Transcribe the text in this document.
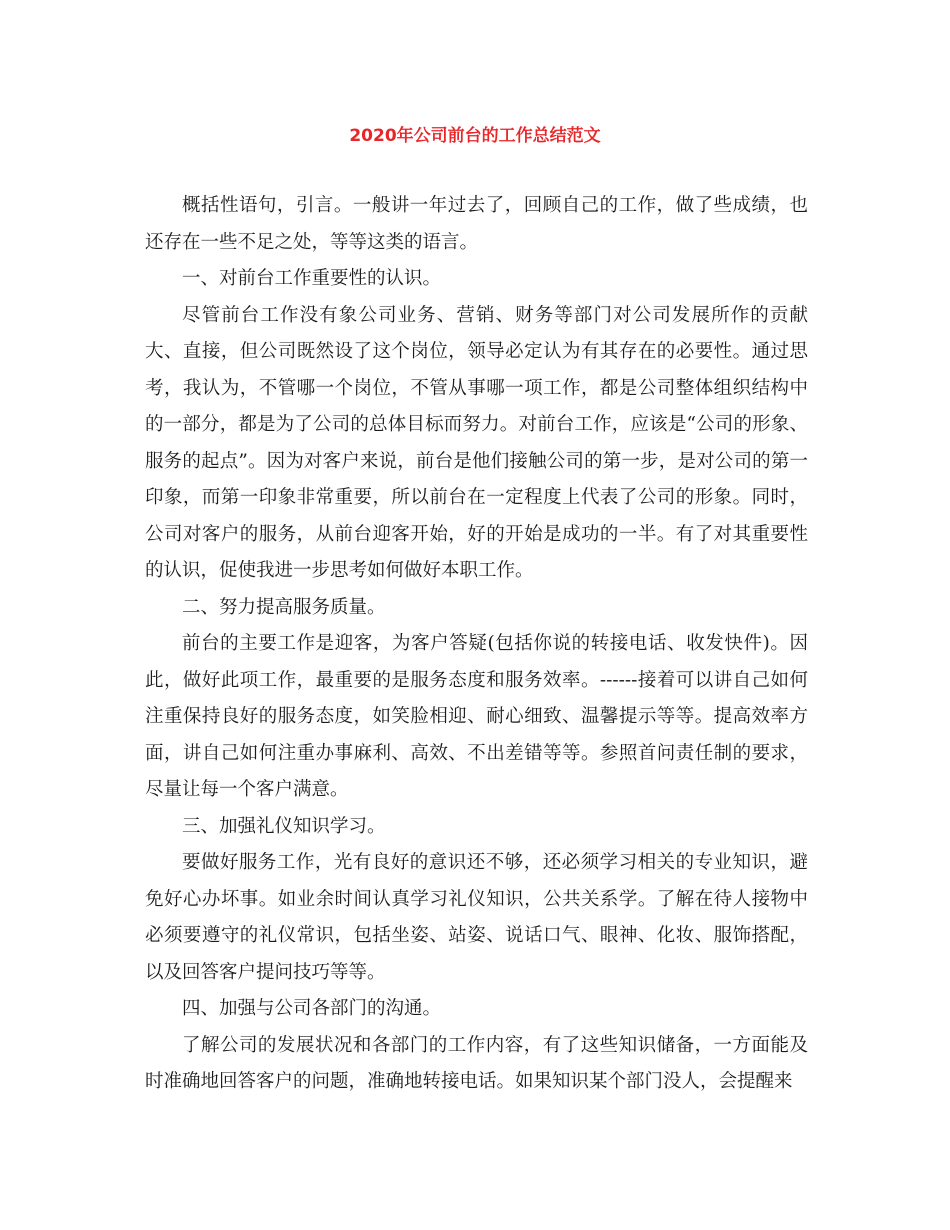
2020年公司前台的工作总结范文

概括性语句，引言。一般讲一年过去了，回顾自己的工作，做了些成绩，也还存在一些不足之处，等等这类的语言。

一、对前台工作重要性的认识。

尽管前台工作没有象公司业务、营销、财务等部门对公司发展所作的贡献大、直接，但公司既然设了这个岗位，领导必定认为有其存在的必要性。通过思考，我认为，不管哪一个岗位，不管从事哪一项工作，都是公司整体组织结构中的一部分，都是为了公司的总体目标而努力。对前台工作，应该是“公司的形象、服务的起点”。因为对客户来说，前台是他们接触公司的第一步，是对公司的第一印象，而第一印象非常重要，所以前台在一定程度上代表了公司的形象。同时，公司对客户的服务，从前台迎客开始，好的开始是成功的一半。有了对其重要性的认识，促使我进一步思考如何做好本职工作。

二、努力提高服务质量。

前台的主要工作是迎客，为客户答疑(包括你说的转接电话、收发快件)。因此，做好此项工作，最重要的是服务态度和服务效率。------接着可以讲自己如何注重保持良好的服务态度，如笑脸相迎、耐心细致、温馨提示等等。提高效率方面，讲自己如何注重办事麻利、高效、不出差错等等。参照首问责任制的要求，尽量让每一个客户满意。

三、加强礼仪知识学习。

要做好服务工作，光有良好的意识还不够，还必须学习相关的专业知识，避免好心办坏事。如业余时间认真学习礼仪知识，公共关系学。了解在待人接物中必须要遵守的礼仪常识，包括坐姿、站姿、说话口气、眼神、化妆、服饰搭配，以及回答客户提问技巧等等。

四、加强与公司各部门的沟通。

了解公司的发展状况和各部门的工作内容，有了这些知识储备，一方面能及时准确地回答客户的问题，准确地转接电话。如果知识某个部门没人，会提醒来
